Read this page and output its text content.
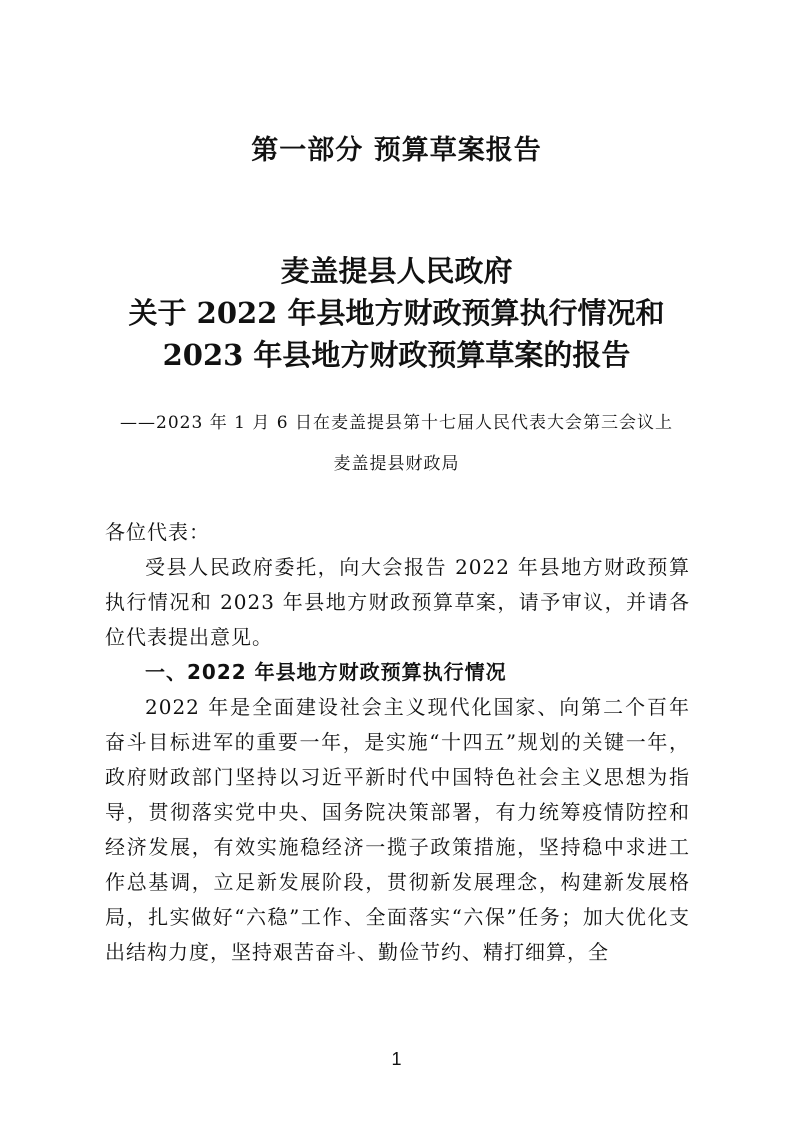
第一部分 预算草案报告
麦盖提县人民政府
关于 2022 年县地方财政预算执行情况和
2023 年县地方财政预算草案的报告
——2023 年 1 月 6 日在麦盖提县第十七届人民代表大会第三会议上
麦盖提县财政局

各位代表：

受县人民政府委托，向大会报告 2022 年县地方财政预算执行情况和 2023 年县地方财政预算草案，请予审议，并请各位代表提出意见。

一、2022 年县地方财政预算执行情况

2022 年是全面建设社会主义现代化国家、向第二个百年奋斗目标进军的重要一年，是实施“十四五”规划的关键一年，政府财政部门坚持以习近平新时代中国特色社会主义思想为指导，贯彻落实党中央、国务院决策部署，有力统筹疫情防控和经济发展，有效实施稳经济一揽子政策措施，坚持稳中求进工作总基调，立足新发展阶段，贯彻新发展理念，构建新发展格局，扎实做好“六稳”工作、全面落实“六保”任务；加大优化支出结构力度，坚持艰苦奋斗、勤俭节约、精打细算，全

1
